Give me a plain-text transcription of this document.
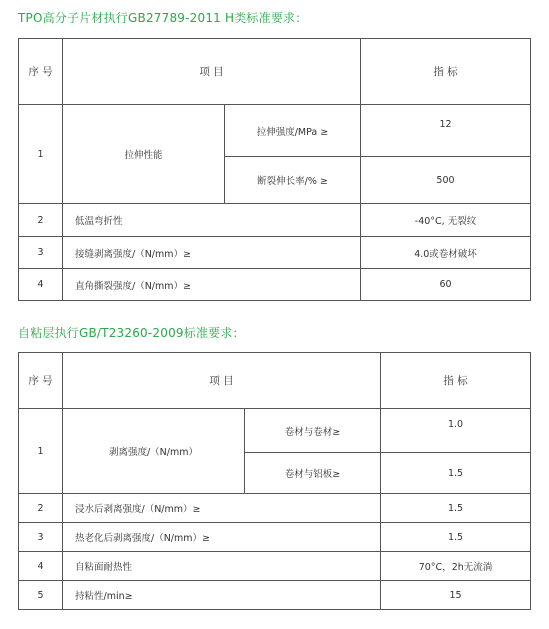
TPO高分子片材执行GB27789-2011 H类标准要求：
序 号	项 目		指 标
1	拉伸性能	拉伸强度/MPa ≥	12
		断裂伸长率/% ≥	500
2	低温弯折性		-40°C, 无裂纹
3	接缝剥离强度/（N/mm）≥		4.0或卷材破坏
4	直角撕裂强度/（N/mm）≥		60
自粘层执行GB/T23260-2009标准要求：
序 号	项 目		指 标
1	剥离强度/（N/mm）	卷材与卷材≥	1.0
		卷材与铝板≥	1.5
2	浸水后剥离强度/（N/mm）≥		1.5
3	热老化后剥离强度/（N/mm）≥		1.5
4	自粘面耐热性		70°C，2h无流淌
5	持粘性/min≥		15
